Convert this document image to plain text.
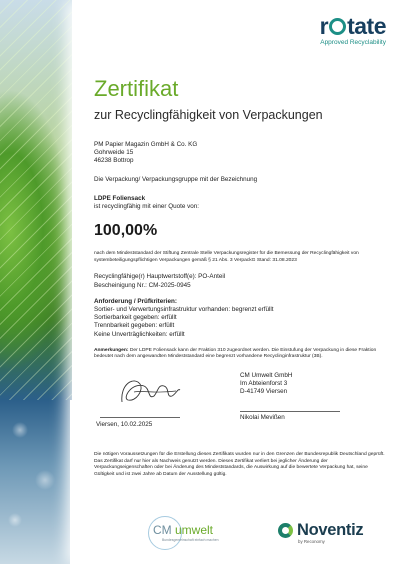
r tate
Approved Recyclability
Zertifikat
zur Recyclingfähigkeit von Verpackungen
PM Papier Magazin GmbH & Co. KG
Gohrweide 15
46238 Bottrop
Die Verpackung/ Verpackungsgruppe mit der Bezeichnung
LDPE Foliensack
ist recyclingfähig mit einer Quote von:
100,00%
nach dem Mindeststandard der Stiftung Zentrale Stelle Verpackungsregister für die Bemessung der Recyclingfähigkeit von systembeteiligungspflichtigen Verpackungen gemäß § 21 Abs. 3 VerpackG Stand: 31.08.2023
Recyclingfähige(r) Hauptwertstoff(e): PO-Anteil
Bescheinigung Nr.: CM-2025-0945
Anforderung / Prüfkriterien:
Sortier- und Verwertungsinfrastruktur vorhanden: begrenzt erfüllt
Sortierbarkeit gegeben: erfüllt
Trennbarkeit gegeben: erfüllt
Keine Unverträglichkeiten: erfüllt
Anmerkungen: Der LDPE Foliensack kann der Fraktion 310 zugeordnet werden. Die Einstufung der Verpackung in diese Fraktion bedeutet nach dem angewandten Mindeststandard eine begrenzt vorhandene Recyclinginfrastruktur (3B).
Viersen, 10.02.2025
CM Umwelt GmbH
Im Abteienforst 3
D-41749 Viersen
Nikolai Mevißen
Die nötigen Voraussetzungen für die Erstellung dieses Zertifikats wurden nur in den Grenzen der Bundesrepublik Deutschland geprüft. Das Zertifikat darf nur hier als Nachweis genutzt werden. Dieses Zertifikat verliert bei jeglicher Änderung der Verpackungseigenschaften oder bei Änderung des Mindeststandards, die Auswirkung auf die bewertete Verpackung hat, seine Gültigkeit und ist zwei Jahre ab Datum der Ausstellung gültig.
CM umwelt
Bundesgemeinschaft einfach machen
Noventiz
by Reconomy
